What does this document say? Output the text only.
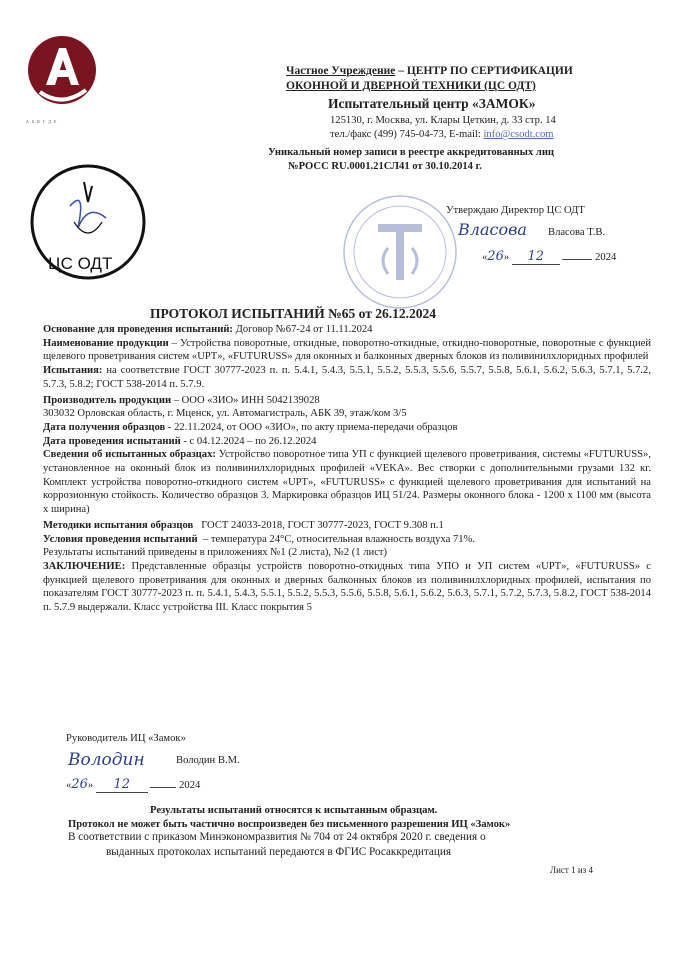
А Б В Г Д Е
ЦС ОДТ
Частное Учреждение – ЦЕНТР ПО СЕРТИФИКАЦИИ
ОКОННОЙ И ДВЕРНОЙ ТЕХНИКИ (ЦС ОДТ)
Испытательный центр «ЗАМОК»
125130, г. Москва, ул. Клары Цеткин, д. 33 стр. 14
тел./факс (499) 745-04-73, E-mail: info@csodt.com
Уникальный номер записи в реестре аккредитованных лиц
№РОСС RU.0001.21СЛ41 от 30.10.2014 г.
Утверждаю Директор ЦС ОДТ
Власова Власова Т.В.
«26» 12	2024
ПРОТОКОЛ ИСПЫТАНИЙ №65 от 26.12.2024
Основание для проведения испытаний: Договор №67-24 от 11.11.2024
Наименование продукции – Устройства поворотные, откидные, поворотно-откидные, откидно-поворотные, поворотные с функцией щелевого проветривания систем «UPT», «FUTURUSS» для оконных и балконных дверных блоков из поливинилхлоридных профилей
Испытания: на соответствие ГОСТ 30777-2023 п. п. 5.4.1, 5.4.3, 5.5.1, 5.5.2, 5.5.3, 5.5.6, 5.5.7, 5.5.8, 5.6.1, 5.6.2, 5.6.3, 5.7.1, 5.7.2, 5.7.3, 5.8.2; ГОСТ 538-2014 п. 5.7.9.
Производитель продукции – ООО «ЗИО» ИНН 5042139028
303032 Орловская область, г. Мценск, ул. Автомагистраль, АБК 39, этаж/ком 3/5
Дата получения образцов - 22.11.2024, от ООО «ЗИО», по акту приема-передачи образцов
Дата проведения испытаний - с 04.12.2024 – по 26.12.2024
Сведения об испытанных образцах: Устройство поворотное типа УП с функцией щелевого проветривания, системы «FUTURUSS», установленное на оконный блок из поливинилхлоридных профилей «VEKA». Вес створки с дополнительными грузами 132 кг. Комплект устройства поворотно-откидного систем «UPT», «FUTURUSS» с функцией щелевого проветривания для испытаний на коррозионную стойкость. Количество образцов 3. Маркировка образцов ИЦ 51/24. Размеры оконного блока - 1200 х 1100 мм (высота х ширина)
Методики испытания образцов ГОСТ 24033-2018, ГОСТ 30777-2023, ГОСТ 9.308 п.1
Условия проведения испытаний – температура 24°С, относительная влажность воздуха 71%.
Результаты испытаний приведены в приложениях №1 (2 листа), №2 (1 лист)
ЗАКЛЮЧЕНИЕ: Представленные образцы устройств поворотно-откидных типа УПО и УП систем «UPT», «FUTURUSS» с функцией щелевого проветривания для оконных и дверных балконных блоков из поливинилхлоридных профилей, испытания по показателям ГОСТ 30777-2023 п. п. 5.4.1, 5.4.3, 5.5.1, 5.5.2, 5.5.3, 5.5.6, 5.5.8, 5.6.1, 5.6.2, 5.6.3, 5.7.1, 5.7.2, 5.7.3, 5.8.2, ГОСТ 538-2014 п. 5.7.9 выдержали. Класс устройства III. Класс покрытия 5
Руководитель ИЦ «Замок»
Володин	Володин В.М.
«26» 12	2024
Результаты испытаний относятся к испытанным образцам.
Протокол не может быть частично воспроизведен без письменного разрешения ИЦ «Замок»
В соответствии с приказом Минэкономразвития № 704 от 24 октября 2020 г. сведения о
выданных протоколах испытаний передаются в ФГИС Росаккредитация
Лист 1 из 4
